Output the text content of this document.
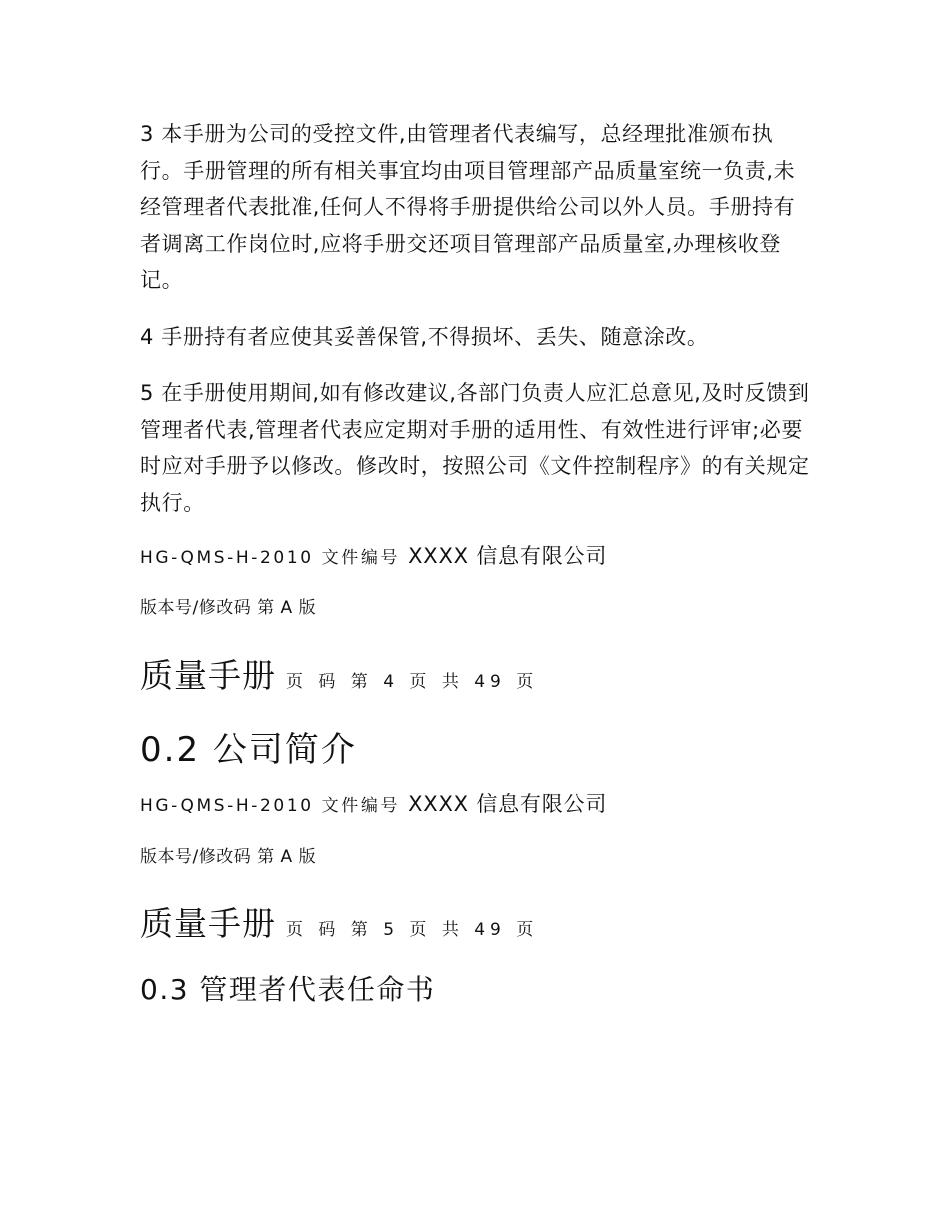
3 本手册为公司的受控文件,由管理者代表编写，总经理批准颁布执行。手册管理的所有相关事宜均由项目管理部产品质量室统一负责,未经管理者代表批准,任何人不得将手册提供给公司以外人员。手册持有者调离工作岗位时,应将手册交还项目管理部产品质量室,办理核收登记。

4 手册持有者应使其妥善保管,不得损坏、丢失、随意涂改。

5 在手册使用期间,如有修改建议,各部门负责人应汇总意见,及时反馈到管理者代表,管理者代表应定期对手册的适用性、有效性进行评审;必要时应对手册予以修改。修改时，按照公司《文件控制程序》的有关规定执行。

HG-QMS-H-2010 文件编号 XXXX 信息有限公司
版本号/修改码 第 A 版
质量手册 页 码 第 4 页 共 49 页
0.2 公司简介
HG-QMS-H-2010 文件编号 XXXX 信息有限公司
版本号/修改码 第 A 版
质量手册 页 码 第 5 页 共 49 页
0.3 管理者代表任命书
